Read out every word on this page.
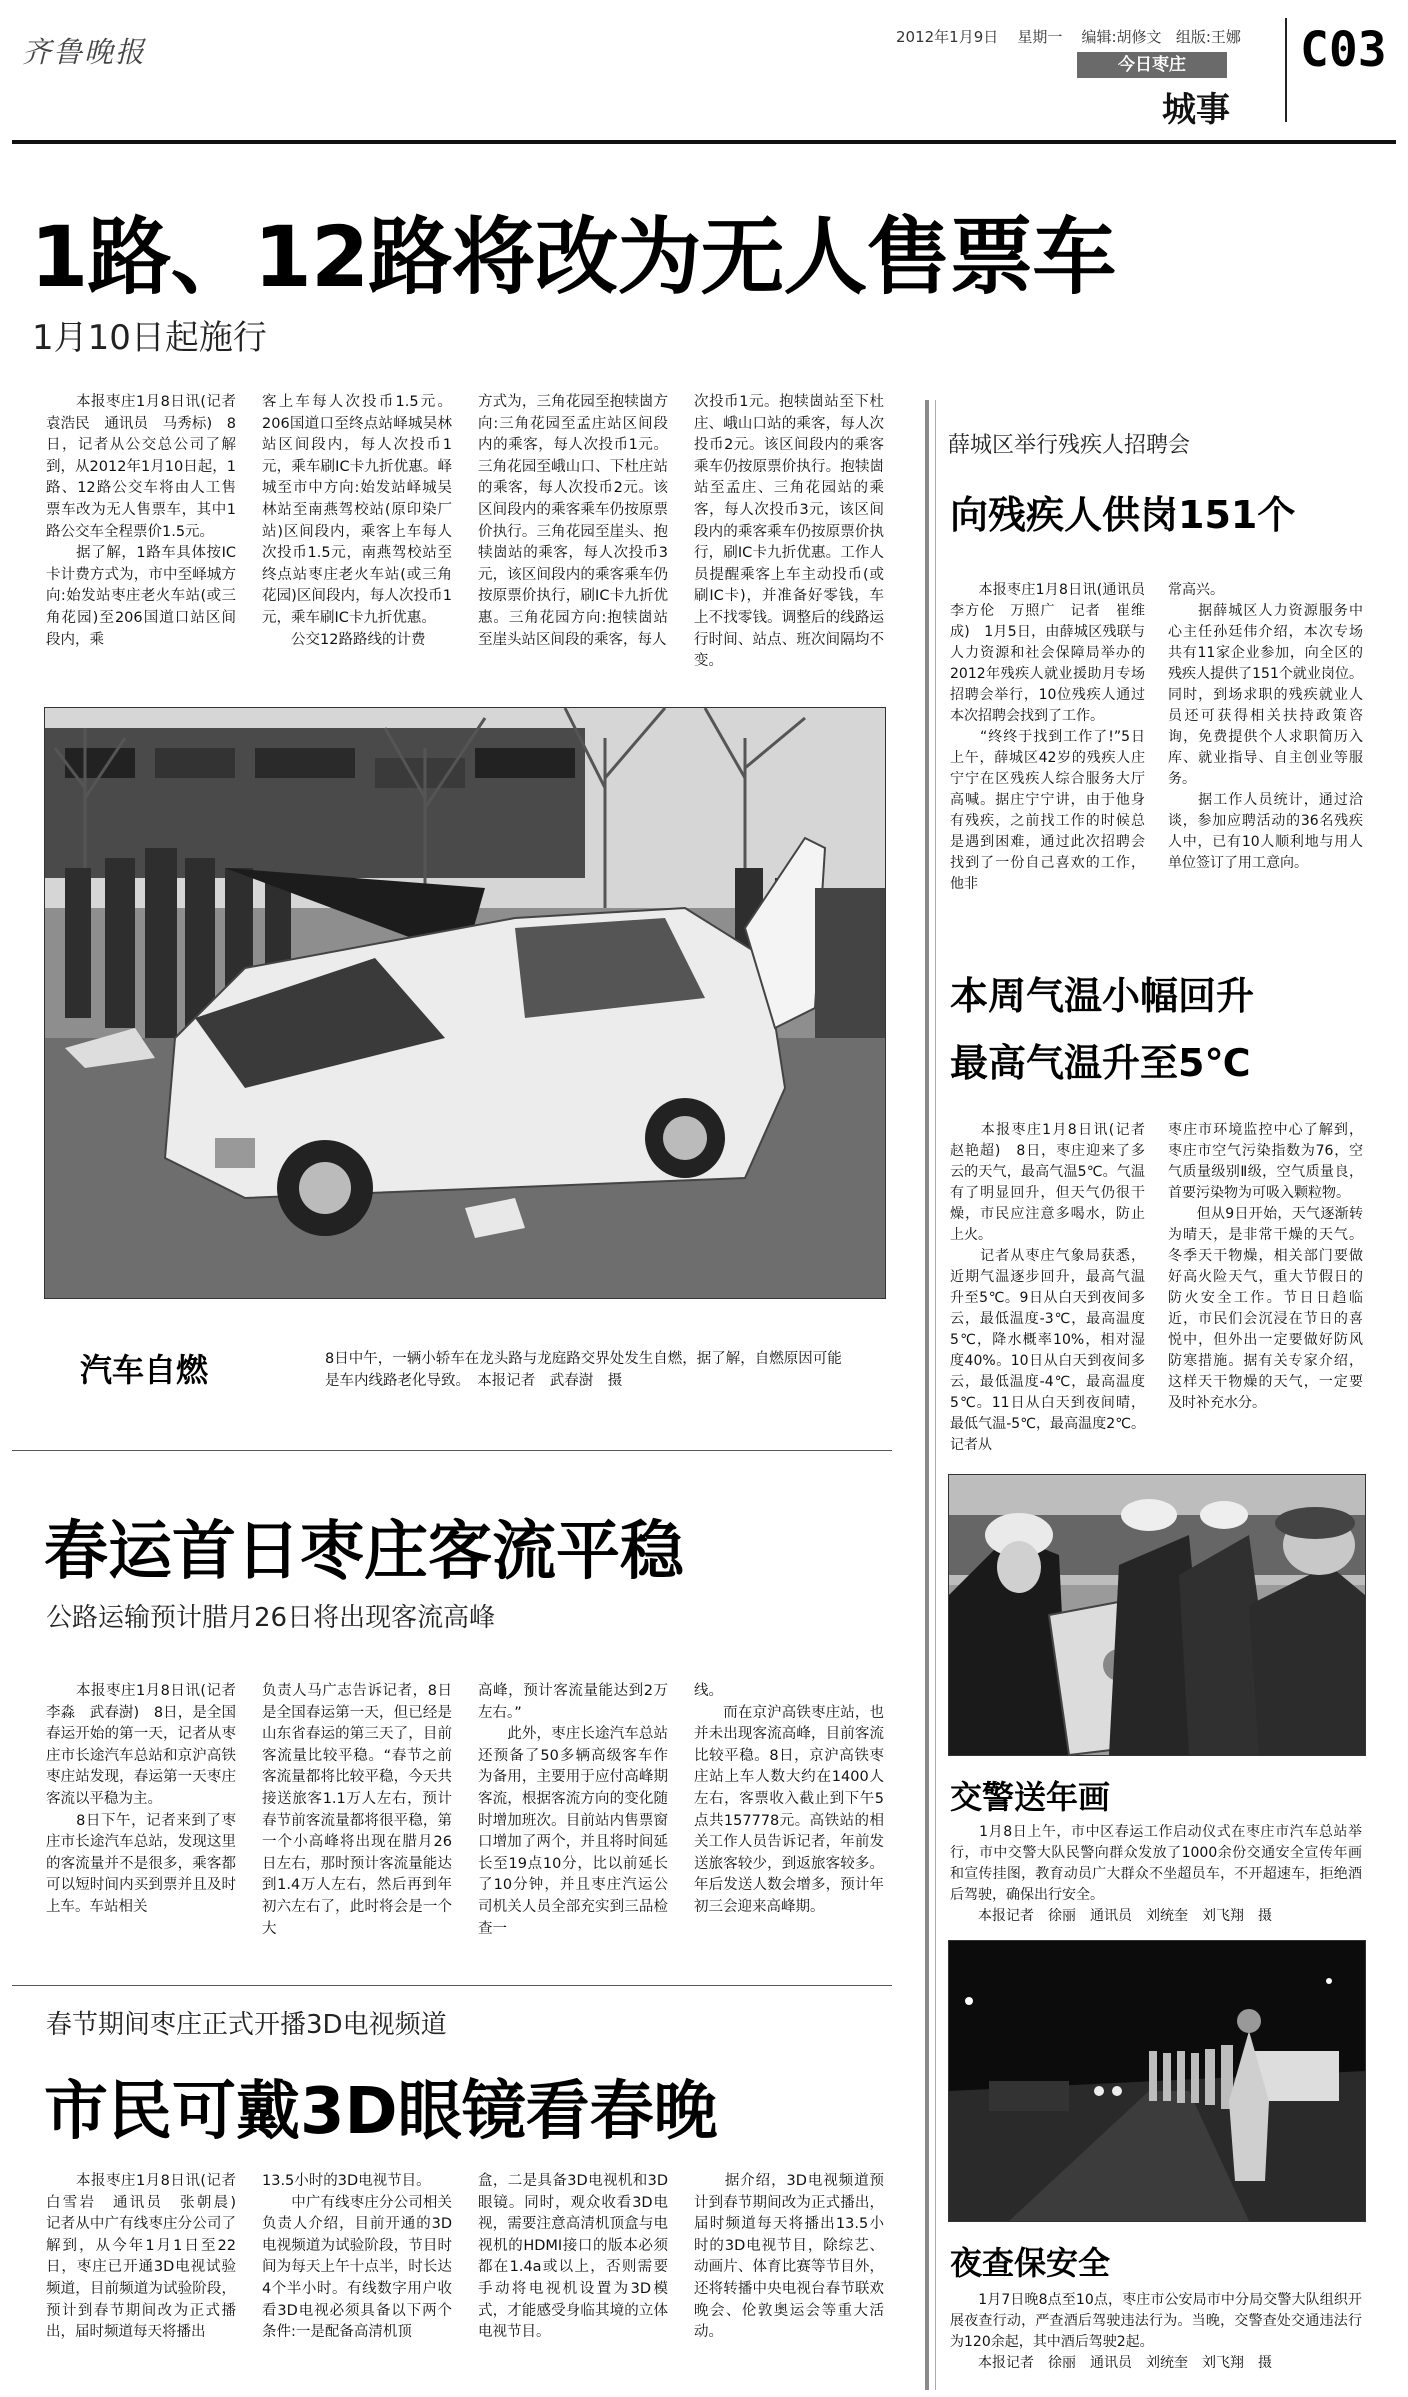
齐鲁晚报	2012年1月9日 星期一 编辑:胡修文 组版:王娜
今日枣庄
城事
C03
1路、12路将改为无人售票车
1月10日起施行
　　本报枣庄1月8日讯(记者　袁浩民　通讯员　马秀标)　8日，记者从公交总公司了解到，从2012年1月10日起，1路、12路公交车将由人工售票车改为无人售票车，其中1路公交车全程票价1.5元。
　　据了解，1路车具体按IC卡计费方式为，市中至峄城方向:始发站枣庄老火车站(或三角花园)至206国道口站区间段内，乘
客上车每人次投币1.5元。206国道口至终点站峄城吴林站区间段内，每人次投币1元，乘车刷IC卡九折优惠。峄城至市中方向:始发站峄城吴林站至南燕驾校站(原印染厂站)区间段内，乘客上车每人次投币1.5元，南燕驾校站至终点站枣庄老火车站(或三角花园)区间段内，每人次投币1元，乘车刷IC卡九折优惠。
　　公交12路路线的计费
方式为，三角花园至抱犊崮方向:三角花园至孟庄站区间段内的乘客，每人次投币1元。三角花园至峨山口、下杜庄站的乘客，每人次投币2元。该区间段内的乘客乘车仍按原票价执行。三角花园至崖头、抱犊崮站的乘客，每人次投币3元，该区间段内的乘客乘车仍按原票价执行，刷IC卡九折优惠。三角花园方向:抱犊崮站至崖头站区间段的乘客，每人
次投币1元。抱犊崮站至下杜庄、峨山口站的乘客，每人次投币2元。该区间段内的乘客乘车仍按原票价执行。抱犊崮站至孟庄、三角花园站的乘客，每人次投币3元，该区间段内的乘客乘车仍按原票价执行，刷IC卡九折优惠。工作人员提醒乘客上车主动投币(或刷IC卡)，并准备好零钱，车上不找零钱。调整后的线路运行时间、站点、班次间隔均不变。
汽车自燃	8日中午，一辆小轿车在龙头路与龙庭路交界处发生自燃，据了解，自燃原因可能是车内线路老化导致。　本报记者　武春澍　摄
春运首日枣庄客流平稳
公路运输预计腊月26日将出现客流高峰
　　本报枣庄1月8日讯(记者　李淼　武春澍)　8日，是全国春运开始的第一天，记者从枣庄市长途汽车总站和京沪高铁枣庄站发现，春运第一天枣庄客流以平稳为主。
　　8日下午，记者来到了枣庄市长途汽车总站，发现这里的客流量并不是很多，乘客都可以短时间内买到票并且及时上车。车站相关
负责人马广志告诉记者，8日是全国春运第一天，但已经是山东省春运的第三天了，目前客流量比较平稳。“春节之前客流量都将比较平稳，今天共接送旅客1.1万人左右，预计春节前客流量都将很平稳，第一个小高峰将出现在腊月26日左右，那时预计客流量能达到1.4万人左右，然后再到年初六左右了，此时将会是一个大
高峰，预计客流量能达到2万左右。”
　　此外，枣庄长途汽车总站还预备了50多辆高级客车作为备用，主要用于应付高峰期客流，根据客流方向的变化随时增加班次。目前站内售票窗口增加了两个，并且将时间延长至19点10分，比以前延长了10分钟，并且枣庄汽运公司机关人员全部充实到三品检查一
线。
　　而在京沪高铁枣庄站，也并未出现客流高峰，目前客流比较平稳。8日，京沪高铁枣庄站上车人数大约在1400人左右，客票收入截止到下午5点共157778元。高铁站的相关工作人员告诉记者，年前发送旅客较少，到返旅客较多。年后发送人数会增多，预计年初三会迎来高峰期。
春节期间枣庄正式开播3D电视频道
市民可戴3D眼镜看春晚
　　本报枣庄1月8日讯(记者　白雪岩　通讯员　张朝晨)　记者从中广有线枣庄分公司了解到，从今年1月1日至22日，枣庄已开通3D电视试验频道，目前频道为试验阶段，预计到春节期间改为正式播出，届时频道每天将播出
13.5小时的3D电视节目。
　　中广有线枣庄分公司相关负责人介绍，目前开通的3D电视频道为试验阶段，节目时间为每天上午十点半，时长达4个半小时。有线数字用户收看3D电视必须具备以下两个条件:一是配备高清机顶
盒，二是具备3D电视机和3D眼镜。同时，观众收看3D电视，需要注意高清机顶盒与电视机的HDMI接口的版本必须都在1.4a或以上，否则需要手动将电视机设置为3D模式，才能感受身临其境的立体电视节目。
　　据介绍，3D电视频道预计到春节期间改为正式播出，届时频道每天将播出13.5小时的3D电视节目，除综艺、动画片、体育比赛等节目外，还将转播中央电视台春节联欢晚会、伦敦奥运会等重大活动。
薛城区举行残疾人招聘会
向残疾人供岗151个
　　本报枣庄1月8日讯(通讯员　李方伦　万照广　记者　崔维成)　1月5日，由薛城区残联与人力资源和社会保障局举办的2012年残疾人就业援助月专场招聘会举行，10位残疾人通过本次招聘会找到了工作。
　　“终终于找到工作了!”5日上午，薛城区42岁的残疾人庄宁宁在区残疾人综合服务大厅高喊。据庄宁宁讲，由于他身有残疾，之前找工作的时候总是遇到困难，通过此次招聘会找到了一份自己喜欢的工作，他非
常高兴。
　　据薛城区人力资源服务中心主任孙廷伟介绍，本次专场共有11家企业参加，向全区的残疾人提供了151个就业岗位。同时，到场求职的残疾就业人员还可获得相关扶持政策咨询，免费提供个人求职简历入库、就业指导、自主创业等服务。
　　据工作人员统计，通过洽谈，参加应聘活动的36名残疾人中，已有10人顺利地与用人单位签订了用工意向。
本周气温小幅回升
最高气温升至5℃
　　本报枣庄1月8日讯(记者　赵艳超)　8日，枣庄迎来了多云的天气，最高气温5℃。气温有了明显回升，但天气仍很干燥，市民应注意多喝水，防止上火。
　　记者从枣庄气象局获悉，近期气温逐步回升，最高气温升至5℃。9日从白天到夜间多云，最低温度-3℃，最高温度5℃，降水概率10%，相对湿度40%。10日从白天到夜间多云，最低温度-4℃，最高温度5℃。11日从白天到夜间晴，最低气温-5℃，最高温度2℃。记者从
枣庄市环境监控中心了解到，枣庄市空气污染指数为76，空气质量级别Ⅱ级，空气质量良，首要污染物为可吸入颗粒物。
　　但从9日开始，天气逐渐转为晴天，是非常干燥的天气。冬季天干物燥，相关部门要做好高火险天气，重大节假日的防火安全工作。节日日趋临近，市民们会沉浸在节日的喜悦中，但外出一定要做好防风防寒措施。据有关专家介绍，这样天干物燥的天气，一定要及时补充水分。
交警送年画
　　1月8日上午，市中区春运工作启动仪式在枣庄市汽车总站举行，市中交警大队民警向群众发放了1000余份交通安全宣传年画和宣传挂图，教育动员广大群众不坐超员车，不开超速车，拒绝酒后驾驶，确保出行安全。
　　本报记者　徐丽　通讯员　刘统奎　刘飞翔　摄
夜查保安全
　　1月7日晚8点至10点，枣庄市公安局市中分局交警大队组织开展夜查行动，严查酒后驾驶违法行为。当晚，交警查处交通违法行为120余起，其中酒后驾驶2起。
　　本报记者　徐丽　通讯员　刘统奎　刘飞翔　摄
